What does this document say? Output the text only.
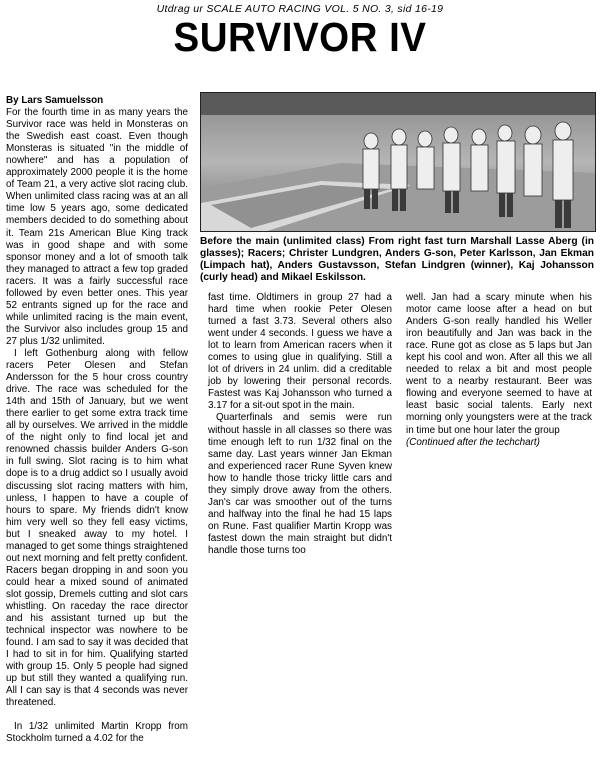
Utdrag ur SCALE AUTO RACING VOL. 5 NO. 3, sid 16-19
SURVIVOR IV
By Lars Samuelsson

For the fourth time in as many years the Survivor race was held in Monsteras on the Swedish east coast. Even though Monsteras is situated "in the middle of nowhere" and has a population of approximately 2000 people it is the home of Team 21, a very active slot racing club. When unlimited class racing was at an all time low 5 years ago, some dedicated members decided to do something about it. Team 21s American Blue King track was in good shape and with some sponsor money and a lot of smooth talk they managed to attract a few top graded racers. It was a fairly successful race followed by even better ones. This year 52 entrants signed up for the race and while unlimited racing is the main event, the Survivor also includes group 15 and 27 plus 1/32 unlimited.

I left Gothenburg along with fellow racers Peter Olesen and Stefan Andersson for the 5 hour cross country drive. The race was scheduled for the 14th and 15th of January, but we went there earlier to get some extra track time all by ourselves. We arrived in the middle of the night only to find local jet and renowned chassis builder Anders G-son in full swing. Slot racing is to him what dope is to a drug addict so I usually avoid discussing slot racing matters with him, unless, I happen to have a couple of hours to spare. My friends didn't know him very well so they fell easy victims, but I sneaked away to my hotel. I managed to get some things straightened out next morning and felt pretty confident. Racers began dropping in and soon you could hear a mixed sound of animated slot gossip, Dremels cutting and slot cars whistling. On raceday the race director and his assistant turned up but the technical inspector was nowhere to be found. I am sad to say it was decided that I had to sit in for him. Qualifying started with group 15. Only 5 people had signed up but still they wanted a qualifying run. All I can say is that 4 seconds was never threatened.

In 1/32 unlimited Martin Kropp from Stockholm turned a 4.02 for the

Before the main (unlimited class) From right fast turn Marshall Lasse Aberg (in glasses); Racers; Christer Lundgren, Anders G-son, Peter Karlsson, Jan Ekman (Limpach hat), Anders Gustavsson, Stefan Lindgren (winner), Kaj Johansson (curly head) and Mikael Eskilsson.

fast time. Oldtimers in group 27 had a hard time when rookie Peter Olesen turned a fast 3.73. Several others also went under 4 seconds. I guess we have a lot to learn from American racers when it comes to using glue in qualifying. Still a lot of drivers in 24 unlim. did a creditable job by lowering their personal records. Fastest was Kaj Johansson who turned a 3.17 for a sit-out spot in the main.

Quarterfinals and semis were run without hassle in all classes so there was time enough left to run 1/32 final on the same day. Last years winner Jan Ekman and experienced racer Rune Syven knew how to handle those tricky little cars and they simply drove away from the others. Jan's car was smoother out of the turns and halfway into the final he had 15 laps on Rune. Fast qualifier Martin Kropp was fastest down the main straight but didn't handle those turns too

well. Jan had a scary minute when his motor came loose after a head on but Anders G-son really handled his Weller iron beautifully and Jan was back in the race. Rune got as close as 5 laps but Jan kept his cool and won. After all this we all needed to relax a bit and most people went to a nearby restaurant. Beer was flowing and everyone seemed to have at least basic social talents. Early next morning only youngsters were at the track in time but one hour later the group

(Continued after the techchart)
